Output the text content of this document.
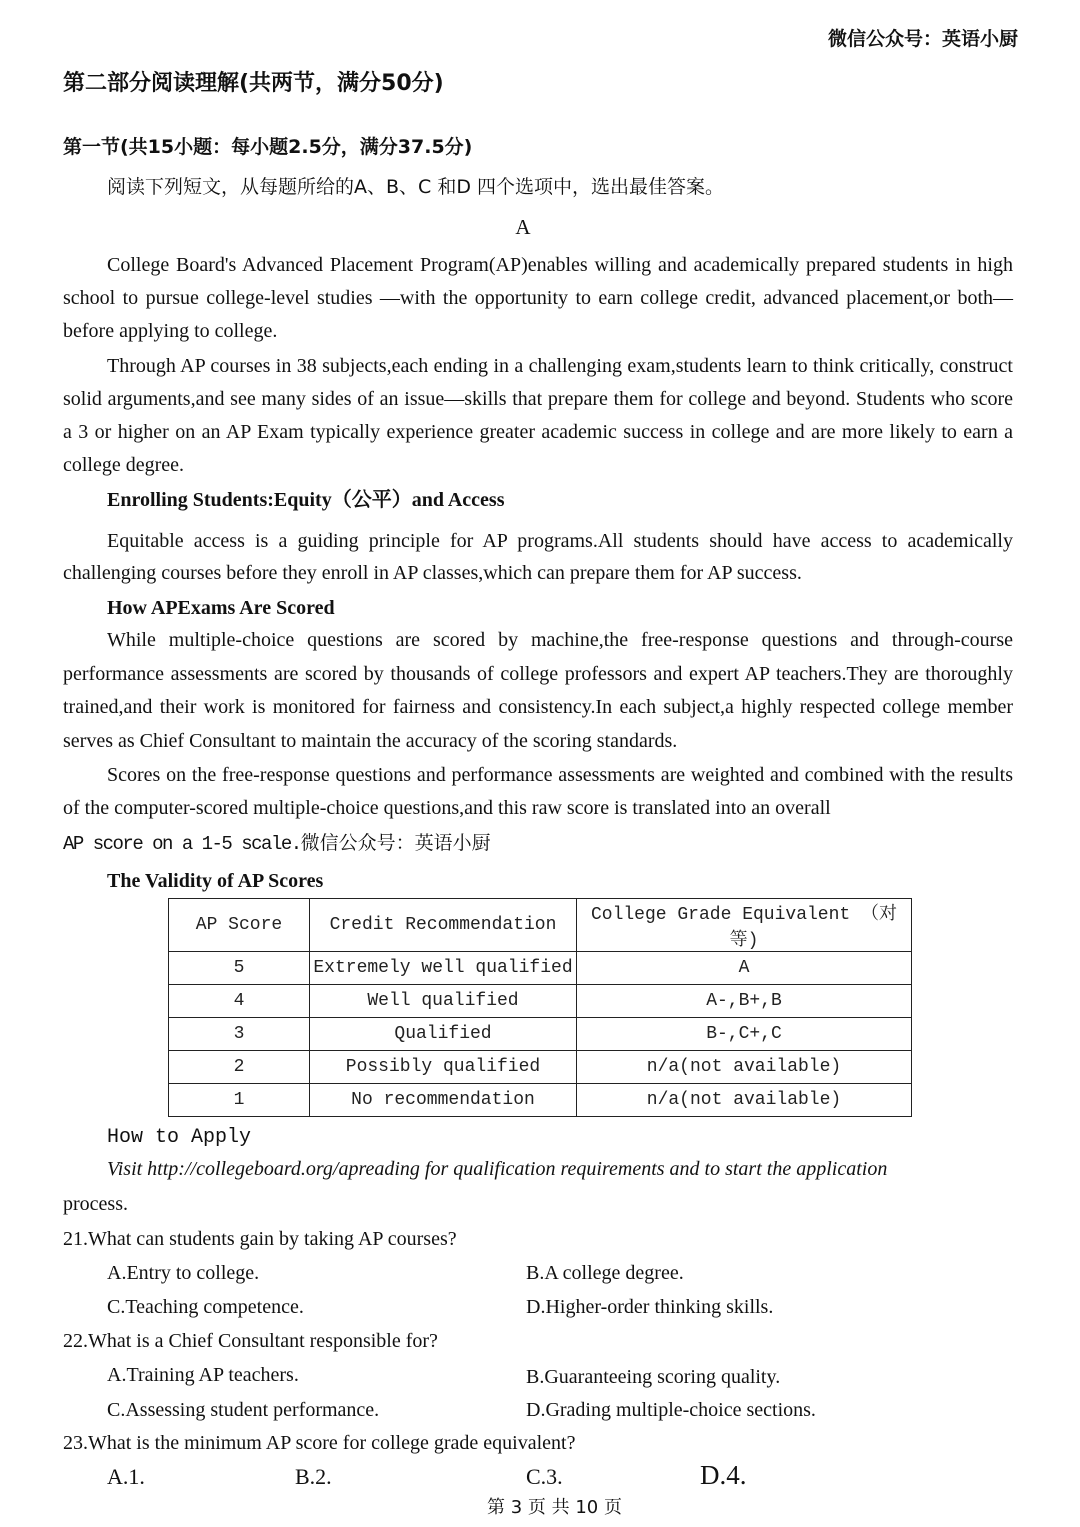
微信公众号：英语小厨
第二部分阅读理解(共两节，满分50分)
第一节(共15小题：每小题2.5分，满分37.5分)
阅读下列短文，从每题所给的A、B、C 和D 四个选项中，选出最佳答案。
A
College Board's Advanced Placement Program(AP)enables willing and academically prepared students in high school to pursue college-level studies —with the opportunity to earn college credit, advanced placement,or both—before applying to college.
Through AP courses in 38 subjects,each ending in a challenging exam,students learn to think critically, construct solid arguments,and see many sides of an issue—skills that prepare them for college and beyond. Students who score a 3 or higher on an AP Exam typically experience greater academic success in college and are more likely to earn a college degree.
Enrolling Students:Equity（公平）and Access
Equitable access is a guiding principle for AP programs.All students should have access to academically challenging courses before they enroll in AP classes,which can prepare them for AP success.
How APExams Are Scored
While multiple-choice questions are scored by machine,the free-response questions and through-course performance assessments are scored by thousands of college professors and expert AP teachers.They are thoroughly trained,and their work is monitored for fairness and consistency.In each subject,a highly respected college member serves as Chief Consultant to maintain the accuracy of the scoring standards.
Scores on the free-response questions and performance assessments are weighted and combined with the results of the computer-scored multiple-choice questions,and this raw score is translated into an overall
AP score on a 1-5 scale.微信公众号：英语小厨
The Validity of AP Scores
AP Score	Credit Recommendation	College Grade Equivalent （对等)
5	Extremely well qualified	A
4	Well qualified	A-,B+,B
3	Qualified	B-,C+,C
2	Possibly qualified	n/a(not available)
1	No recommendation	n/a(not available)
How to Apply
Visit http://collegeboard.org/apreading for qualification requirements and to start the application
process.
21.What can students gain by taking AP courses?
A.Entry to college.	B.A college degree.
C.Teaching competence.	D.Higher-order thinking skills.
22.What is a Chief Consultant responsible for?
A.Training AP teachers.	B.Guaranteeing scoring quality.
C.Assessing student performance.	D.Grading multiple-choice sections.
23.What is the minimum AP score for college grade equivalent?
A.1.	B.2.	C.3.	D.4.
第 3 页 共 10 页
